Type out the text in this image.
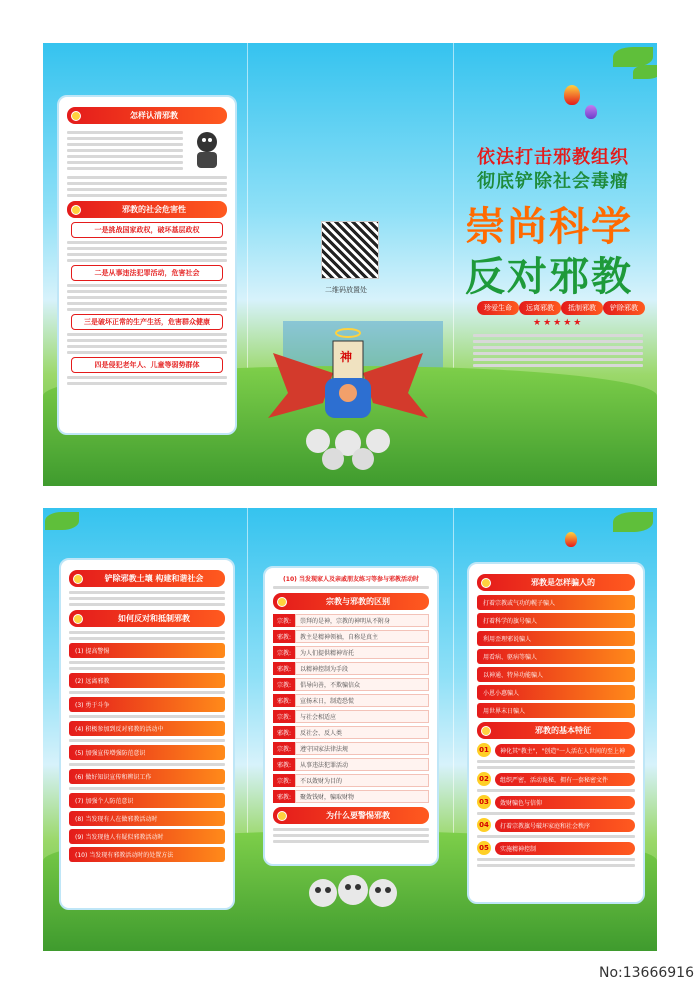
怎样认清邪教
邪教的社会危害性
一是挑战国家政权，破坏基层政权
二是从事违法犯罪活动，危害社会
三是破坏正常的生产生活，危害群众健康
四是侵犯老年人、儿童等弱势群体
二维码放置处
神
依法打击邪教组织
彻底铲除社会毒瘤
崇尚科学
反对邪教
珍爱生命	远离邪教	抵制邪教	铲除邪教
★★★★★
铲除邪教土壤 构建和谐社会
如何反对和抵制邪教
(1) 提高警惕
(2) 远离邪教
(3) 勇于斗争
(4) 积极参加到反对邪教的活动中
(5) 加强宣传增强防范意识
(6) 做好知识宣传和辨识工作
(7) 加强个人防范意识
(8) 当发现有人在做邪教活动时
(9) 当发现他人有疑似邪教活动时
(10) 当发现有邪教活动时的处置方法
(10) 当发现家人及亲戚朋友练习等参与邪教活动时
宗教与邪教的区别
宗教:	崇拜的是神，宗教的神明从不附身
邪教:	教主是精神领袖，自称是真主
宗教:	为人们提供精神寄托
邪教:	以精神控制为手段
宗教:	倡导向善，不欺骗信众
邪教:	宣扬末日，制造恐慌
宗教:	与社会相适应
邪教:	反社会、反人类
宗教:	遵守国家法律法规
邪教:	从事违法犯罪活动
宗教:	不以敛财为目的
邪教:	聚敛钱财，骗取财物
为什么要警惕邪教
邪教是怎样骗人的
打着宗教或气功的幌子骗人
打着科学的旗号骗人
利用歪理邪说骗人
用看病、驱病等骗人
以神通、特异功能骗人
小恩小惠骗人
用世界末日骗人
邪教的基本特征
01	神化其"教主"，"创造"一人活在人世间的至上神
02	组织严密，活动诡秘，拥有一套秘密文件
03	敛财骗色与信仰
04	打着宗教旗号破坏家庭和社会秩序
05	实施精神控制
No:13666916
